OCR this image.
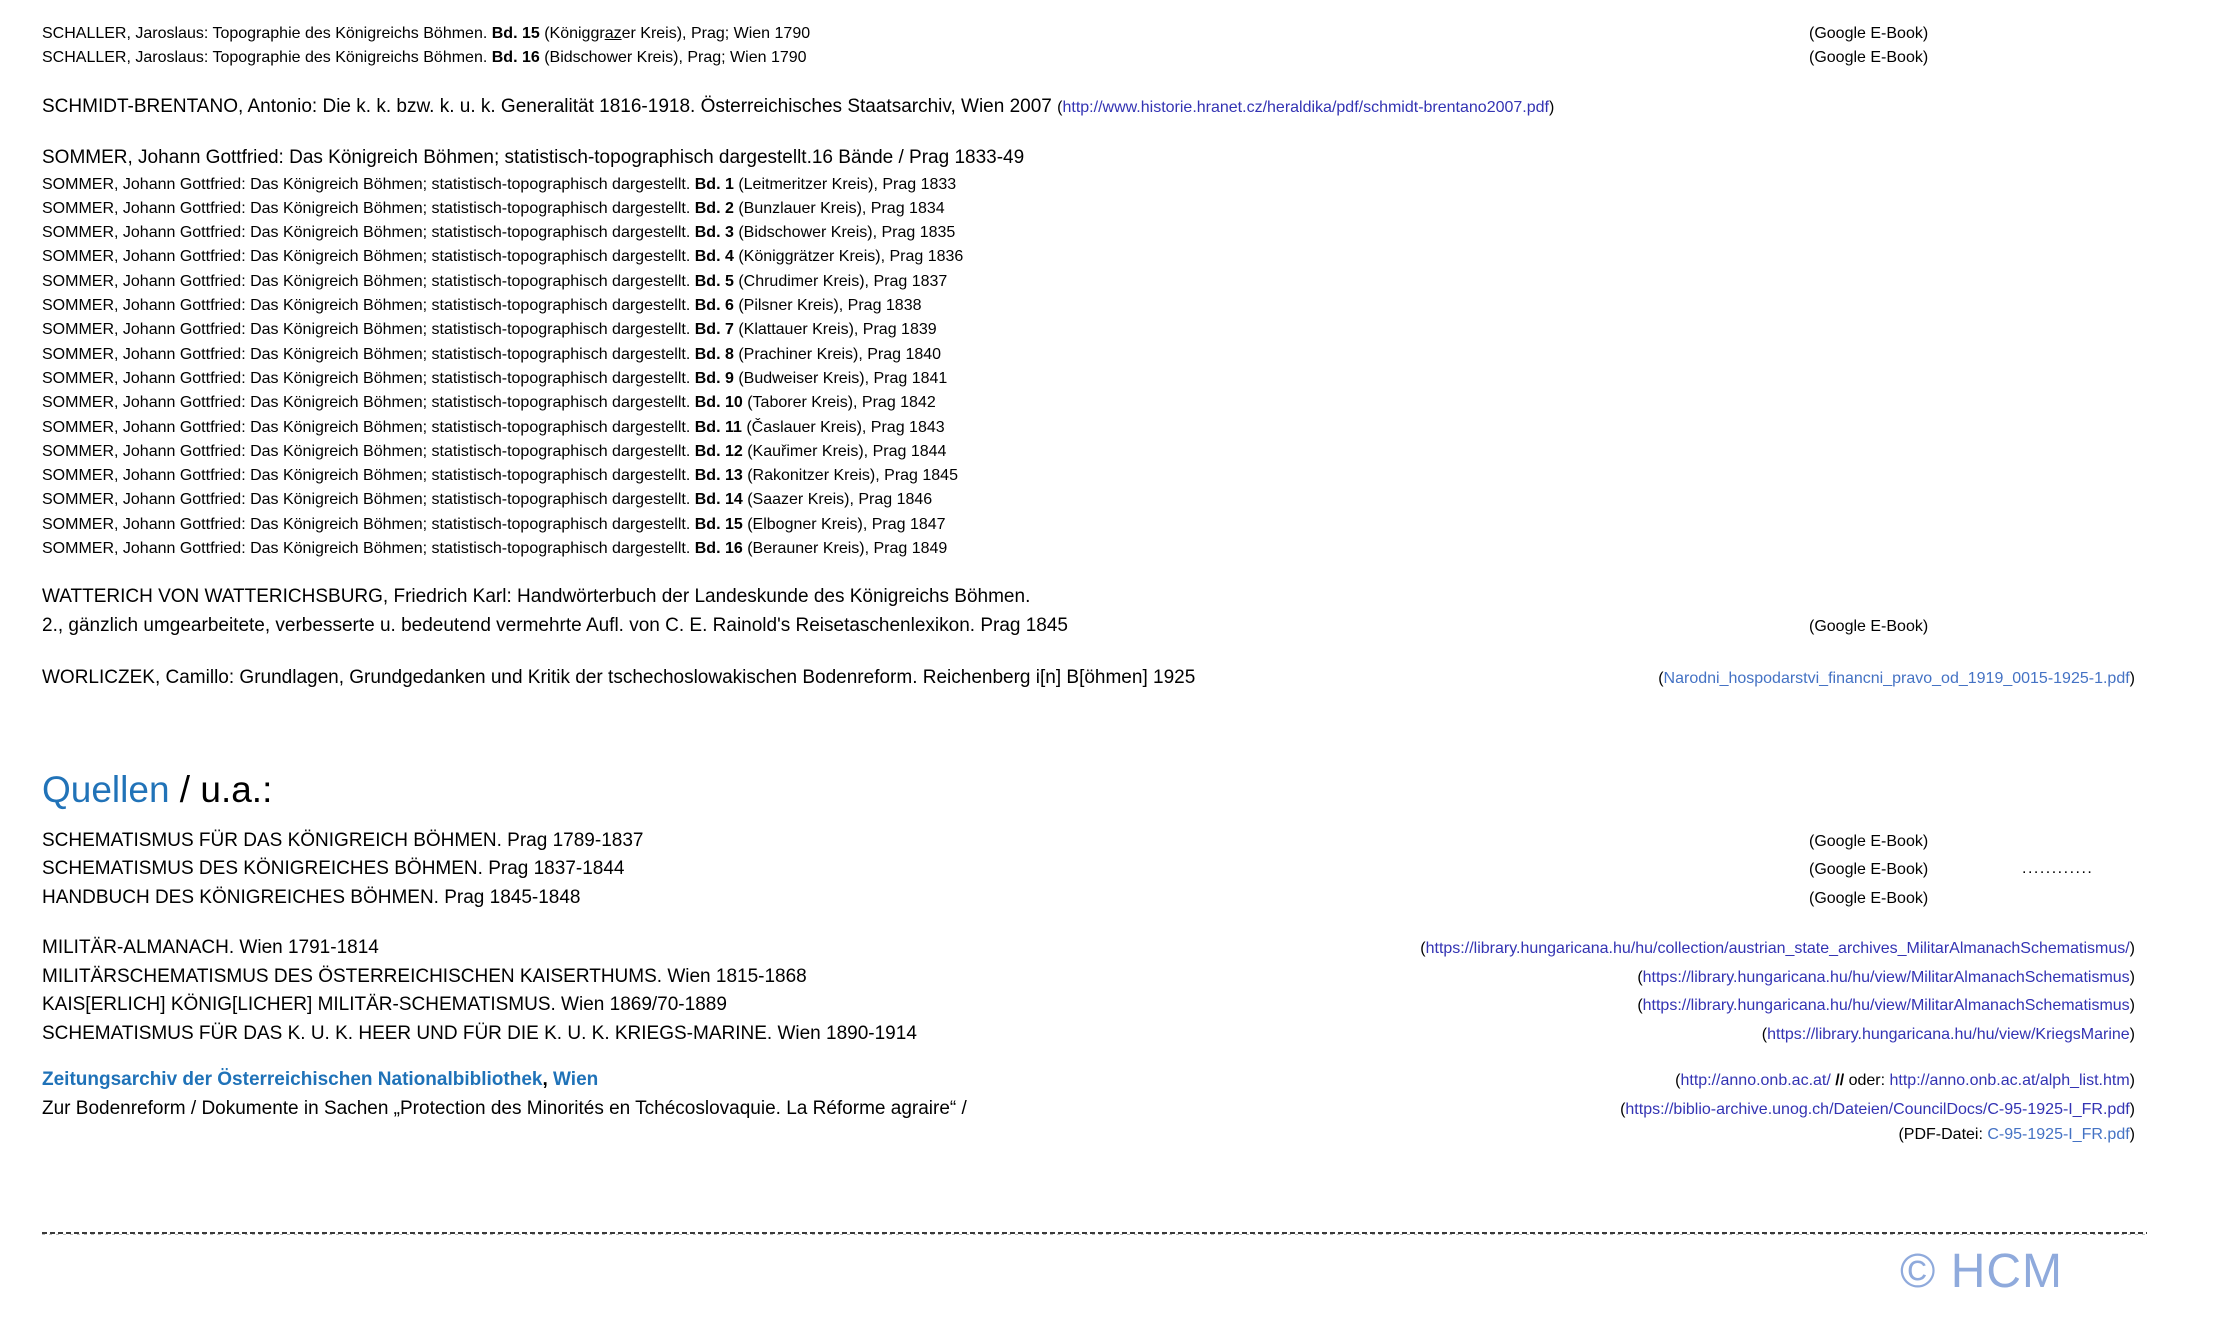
SCHALLER, Jaroslaus: Topographie des Königreichs Böhmen. Bd. 15 (Königgrazer Kreis), Prag; Wien 1790	(Google E-Book)
SCHALLER, Jaroslaus: Topographie des Königreichs Böhmen. Bd. 16 (Bidschower Kreis), Prag; Wien 1790	(Google E-Book)
SCHMIDT-BRENTANO, Antonio: Die k. k. bzw. k. u. k. Generalität 1816-1918. Österreichisches Staatsarchiv, Wien 2007 (http://www.historie.hranet.cz/heraldika/pdf/schmidt-brentano2007.pdf)
SOMMER, Johann Gottfried: Das Königreich Böhmen; statistisch-topographisch dargestellt.16 Bände / Prag 1833-49
SOMMER, Johann Gottfried: Das Königreich Böhmen; statistisch-topographisch dargestellt. Bd. 1 (Leitmeritzer Kreis), Prag 1833
SOMMER, Johann Gottfried: Das Königreich Böhmen; statistisch-topographisch dargestellt. Bd. 2 (Bunzlauer Kreis), Prag 1834
SOMMER, Johann Gottfried: Das Königreich Böhmen; statistisch-topographisch dargestellt. Bd. 3 (Bidschower Kreis), Prag 1835
SOMMER, Johann Gottfried: Das Königreich Böhmen; statistisch-topographisch dargestellt. Bd. 4 (Königgrätzer Kreis), Prag 1836
SOMMER, Johann Gottfried: Das Königreich Böhmen; statistisch-topographisch dargestellt. Bd. 5 (Chrudimer Kreis), Prag 1837
SOMMER, Johann Gottfried: Das Königreich Böhmen; statistisch-topographisch dargestellt. Bd. 6 (Pilsner Kreis), Prag 1838
SOMMER, Johann Gottfried: Das Königreich Böhmen; statistisch-topographisch dargestellt. Bd. 7 (Klattauer Kreis), Prag 1839
SOMMER, Johann Gottfried: Das Königreich Böhmen; statistisch-topographisch dargestellt. Bd. 8 (Prachiner Kreis), Prag 1840
SOMMER, Johann Gottfried: Das Königreich Böhmen; statistisch-topographisch dargestellt. Bd. 9 (Budweiser Kreis), Prag 1841
SOMMER, Johann Gottfried: Das Königreich Böhmen; statistisch-topographisch dargestellt. Bd. 10 (Taborer Kreis), Prag 1842
SOMMER, Johann Gottfried: Das Königreich Böhmen; statistisch-topographisch dargestellt. Bd. 11 (Časlauer Kreis), Prag 1843
SOMMER, Johann Gottfried: Das Königreich Böhmen; statistisch-topographisch dargestellt. Bd. 12 (Kauřimer Kreis), Prag 1844
SOMMER, Johann Gottfried: Das Königreich Böhmen; statistisch-topographisch dargestellt. Bd. 13 (Rakonitzer Kreis), Prag 1845
SOMMER, Johann Gottfried: Das Königreich Böhmen; statistisch-topographisch dargestellt. Bd. 14 (Saazer Kreis), Prag 1846
SOMMER, Johann Gottfried: Das Königreich Böhmen; statistisch-topographisch dargestellt. Bd. 15 (Elbogner Kreis), Prag 1847
SOMMER, Johann Gottfried: Das Königreich Böhmen; statistisch-topographisch dargestellt. Bd. 16 (Berauner Kreis), Prag 1849
WATTERICH VON WATTERICHSBURG, Friedrich Karl: Handwörterbuch der Landeskunde des Königreichs Böhmen.
2., gänzlich umgearbeitete, verbesserte u. bedeutend vermehrte Aufl. von C. E. Rainold's Reisetaschenlexikon. Prag 1845	(Google E-Book)
WORLICZEK, Camillo: Grundlagen, Grundgedanken und Kritik der tschechoslowakischen Bodenreform. Reichenberg i[n] B[öhmen] 1925	(Narodni_hospodarstvi_financni_pravo_od_1919_0015-1925-1.pdf)
Quellen / u.a.:
SCHEMATISMUS FÜR DAS KÖNIGREICH BÖHMEN. Prag 1789-1837	(Google E-Book)
SCHEMATISMUS DES KÖNIGREICHES BÖHMEN. Prag 1837-1844	(Google E-Book)	............
HANDBUCH DES KÖNIGREICHES BÖHMEN. Prag 1845-1848	(Google E-Book)
MILITÄR-ALMANACH. Wien 1791-1814	(https://library.hungaricana.hu/hu/collection/austrian_state_archives_MilitarAlmanachSchematismus/)
MILITÄRSCHEMATISMUS DES ÖSTERREICHISCHEN KAISERTHUMS. Wien 1815-1868	(https://library.hungaricana.hu/hu/view/MilitarAlmanachSchematismus)
KAIS[ERLICH] KÖNIG[LICHER] MILITÄR-SCHEMATISMUS. Wien 1869/70-1889	(https://library.hungaricana.hu/hu/view/MilitarAlmanachSchematismus)
SCHEMATISMUS FÜR DAS K. U. K. HEER UND FÜR DIE K. U. K. KRIEGS-MARINE. Wien 1890-1914	(https://library.hungaricana.hu/hu/view/KriegsMarine)
Zeitungsarchiv der Österreichischen Nationalbibliothek, Wien	(http://anno.onb.ac.at/ // oder: http://anno.onb.ac.at/alph_list.htm)
Zur Bodenreform / Dokumente in Sachen „Protection des Minorités en Tchécoslovaquie. La Réforme agraire“ /	(https://biblio-archive.unog.ch/Dateien/CouncilDocs/C-95-1925-I_FR.pdf)
(PDF-Datei: C-95-1925-I_FR.pdf)
© HCM
